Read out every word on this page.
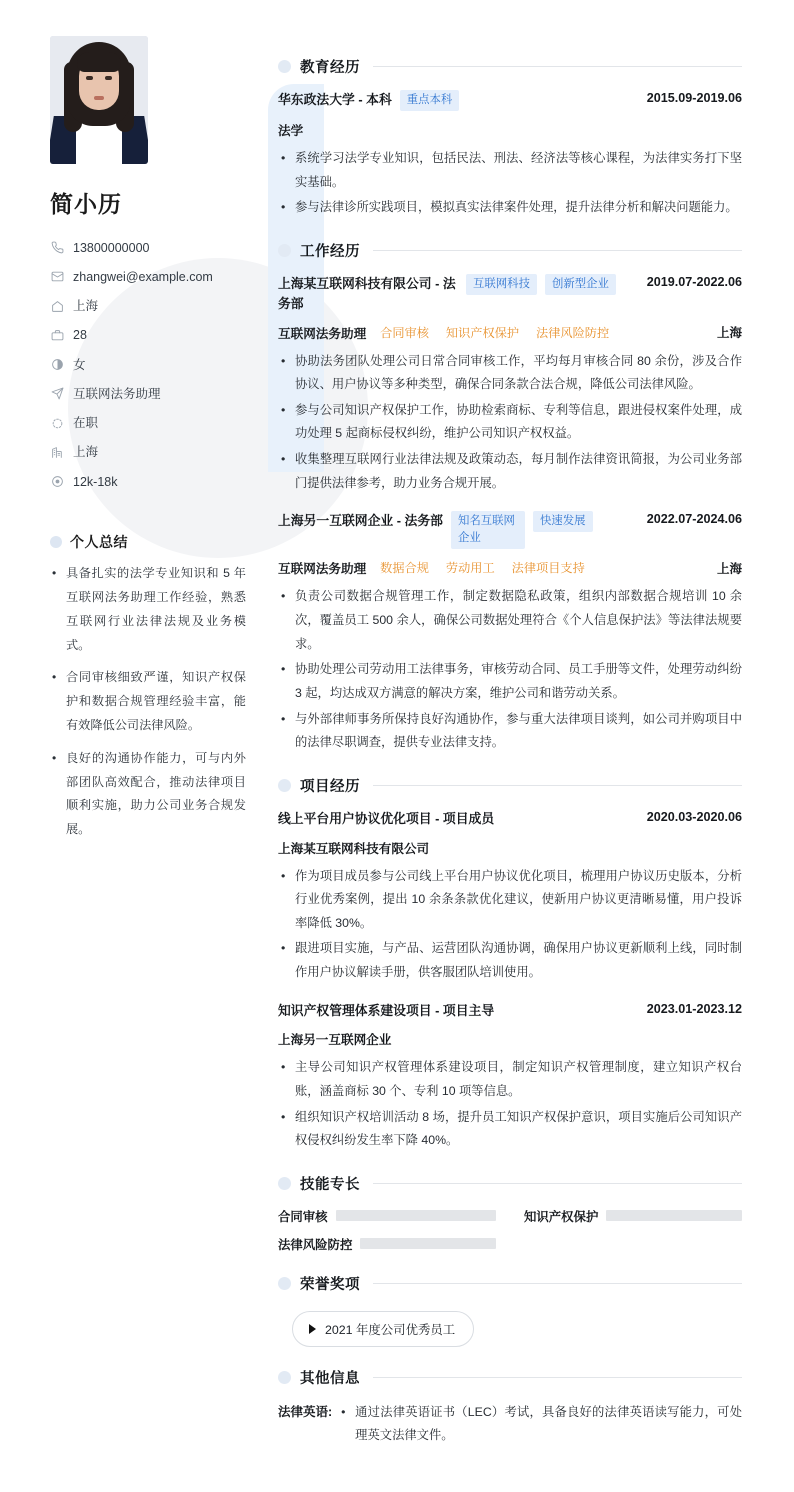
简小历
13800000000
zhangwei@example.com
上海
28
女
互联网法务助理
在职
上海
12k-18k
个人总结
• 具备扎实的法学专业知识和 5 年互联网法务助理工作经验，熟悉互联网行业法律法规及业务模式。
• 合同审核细致严谨，知识产权保护和数据合规管理经验丰富，能有效降低公司法律风险。
• 良好的沟通协作能力，可与内外部团队高效配合，推动法律项目顺利实施，助力公司业务合规发展。
教育经历
华东政法大学 - 本科	重点本科	2015.09-2019.06
法学
• 系统学习法学专业知识，包括民法、刑法、经济法等核心课程，为法律实务打下坚实基础。
• 参与法律诊所实践项目，模拟真实法律案件处理，提升法律分析和解决问题能力。
工作经历
上海某互联网科技有限公司 - 法务部
互联网科技	创新型企业	2019.07-2022.06
互联网法务助理 合同审核 知识产权保护 法律风险防控	上海
• 协助法务团队处理公司日常合同审核工作，平均每月审核合同 80 余份，涉及合作协议、用户协议等多种类型，确保合同条款合法合规，降低公司法律风险。
• 参与公司知识产权保护工作，协助检索商标、专利等信息，跟进侵权案件处理，成功处理 5 起商标侵权纠纷，维护公司知识产权权益。
• 收集整理互联网行业法律法规及政策动态，每月制作法律资讯简报，为公司业务部门提供法律参考，助力业务合规开展。
上海另一互联网企业 - 法务部	知名互联网企业
快速发展	2022.07-2024.06
互联网法务助理 数据合规 劳动用工 法律项目支持	上海
• 负责公司数据合规管理工作，制定数据隐私政策，组织内部数据合规培训 10 余次，覆盖员工 500 余人，确保公司数据处理符合《个人信息保护法》等法律法规要求。
• 协助处理公司劳动用工法律事务，审核劳动合同、员工手册等文件，处理劳动纠纷 3 起，均达成双方满意的解决方案，维护公司和谐劳动关系。
• 与外部律师事务所保持良好沟通协作，参与重大法律项目谈判，如公司并购项目中的法律尽职调查，提供专业法律支持。
项目经历
线上平台用户协议优化项目 - 项目成员	2020.03-2020.06
上海某互联网科技有限公司
• 作为项目成员参与公司线上平台用户协议优化项目，梳理用户协议历史版本，分析行业优秀案例，提出 10 余条条款优化建议，使新用户协议更清晰易懂，用户投诉率降低 30%。
• 跟进项目实施，与产品、运营团队沟通协调，确保用户协议更新顺利上线，同时制作用户协议解读手册，供客服团队培训使用。
知识产权管理体系建设项目 - 项目主导	2023.01-2023.12
上海另一互联网企业
• 主导公司知识产权管理体系建设项目，制定知识产权管理制度，建立知识产权台账，涵盖商标 30 个、专利 10 项等信息。
• 组织知识产权培训活动 8 场，提升员工知识产权保护意识，项目实施后公司知识产权侵权纠纷发生率下降 40%。
技能专长
合同审核	知识产权保护
法律风险防控
荣誉奖项
2021 年度公司优秀员工
其他信息
法律英语:	• 通过法律英语证书（LEC）考试，具备良好的法律英语读写能力，可处理英文法律文件。
